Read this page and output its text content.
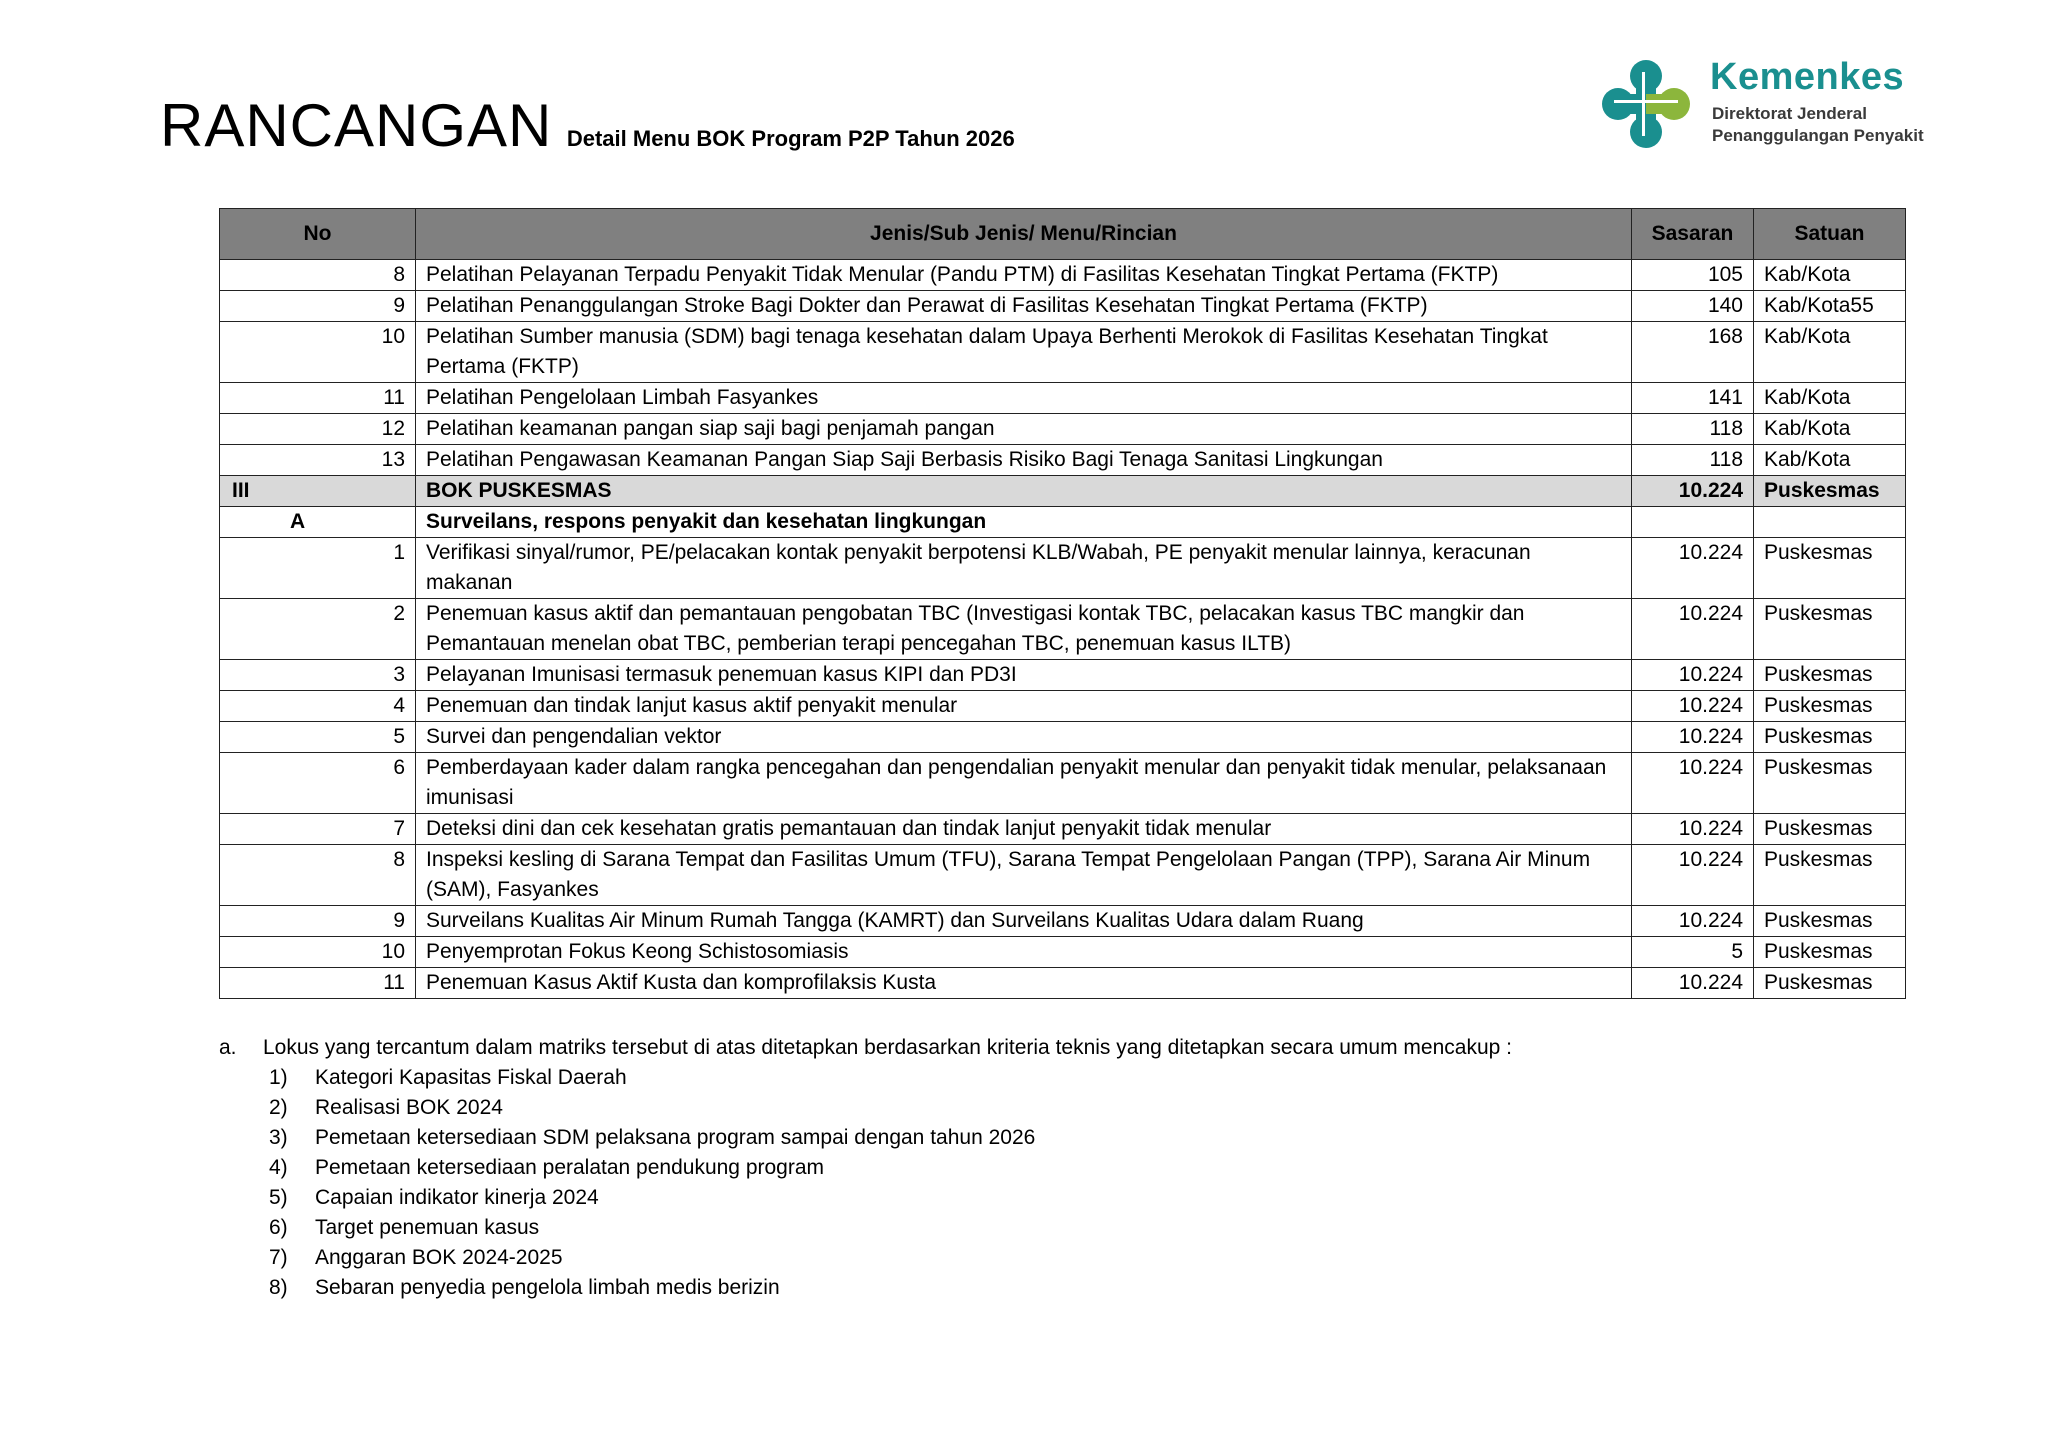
RANCANGAN Detail Menu BOK Program P2P Tahun 2026
Kemenkes
Direktorat Jenderal
Penanggulangan Penyakit
No	Jenis/Sub Jenis/ Menu/Rincian	Sasaran	Satuan
8	Pelatihan Pelayanan Terpadu Penyakit Tidak Menular (Pandu PTM) di Fasilitas Kesehatan Tingkat Pertama (FKTP)	105	Kab/Kota
9	Pelatihan Penanggulangan Stroke Bagi Dokter dan Perawat di Fasilitas Kesehatan Tingkat Pertama (FKTP)	140	Kab/Kota55
10	Pelatihan Sumber manusia (SDM) bagi tenaga kesehatan dalam Upaya Berhenti Merokok di Fasilitas Kesehatan Tingkat Pertama (FKTP)	168	Kab/Kota
11	Pelatihan Pengelolaan Limbah Fasyankes	141	Kab/Kota
12	Pelatihan keamanan pangan siap saji bagi penjamah pangan	118	Kab/Kota
13	Pelatihan Pengawasan Keamanan Pangan Siap Saji Berbasis Risiko Bagi Tenaga Sanitasi Lingkungan	118	Kab/Kota
III	BOK PUSKESMAS	10.224	Puskesmas
A	Surveilans, respons penyakit dan kesehatan lingkungan		
1	Verifikasi sinyal/rumor, PE/pelacakan kontak penyakit berpotensi KLB/Wabah, PE penyakit menular lainnya, keracunan makanan	10.224	Puskesmas
2	Penemuan kasus aktif dan pemantauan pengobatan TBC (Investigasi kontak TBC, pelacakan kasus TBC mangkir dan Pemantauan menelan obat TBC, pemberian terapi pencegahan TBC, penemuan kasus ILTB)	10.224	Puskesmas
3	Pelayanan Imunisasi termasuk penemuan kasus KIPI dan PD3I	10.224	Puskesmas
4	Penemuan dan tindak lanjut kasus aktif penyakit menular	10.224	Puskesmas
5	Survei dan pengendalian vektor	10.224	Puskesmas
6	Pemberdayaan kader dalam rangka pencegahan dan pengendalian penyakit menular dan penyakit tidak menular, pelaksanaan imunisasi	10.224	Puskesmas
7	Deteksi dini dan cek kesehatan gratis pemantauan dan tindak lanjut penyakit tidak menular	10.224	Puskesmas
8	Inspeksi kesling di Sarana Tempat dan Fasilitas Umum (TFU), Sarana Tempat Pengelolaan Pangan (TPP), Sarana Air Minum (SAM), Fasyankes	10.224	Puskesmas
9	Surveilans Kualitas Air Minum Rumah Tangga (KAMRT) dan Surveilans Kualitas Udara dalam Ruang	10.224	Puskesmas
10	Penyemprotan Fokus Keong Schistosomiasis	5	Puskesmas
11	Penemuan Kasus Aktif Kusta dan komprofilaksis Kusta	10.224	Puskesmas
a.	Lokus yang tercantum dalam matriks tersebut di atas ditetapkan berdasarkan kriteria teknis yang ditetapkan secara umum mencakup :
1)	Kategori Kapasitas Fiskal Daerah
2)	Realisasi BOK 2024
3)	Pemetaan ketersediaan SDM pelaksana program sampai dengan tahun 2026
4)	Pemetaan ketersediaan peralatan pendukung program
5)	Capaian indikator kinerja 2024
6)	Target penemuan kasus
7)	Anggaran BOK 2024-2025
8)	Sebaran penyedia pengelola limbah medis berizin
